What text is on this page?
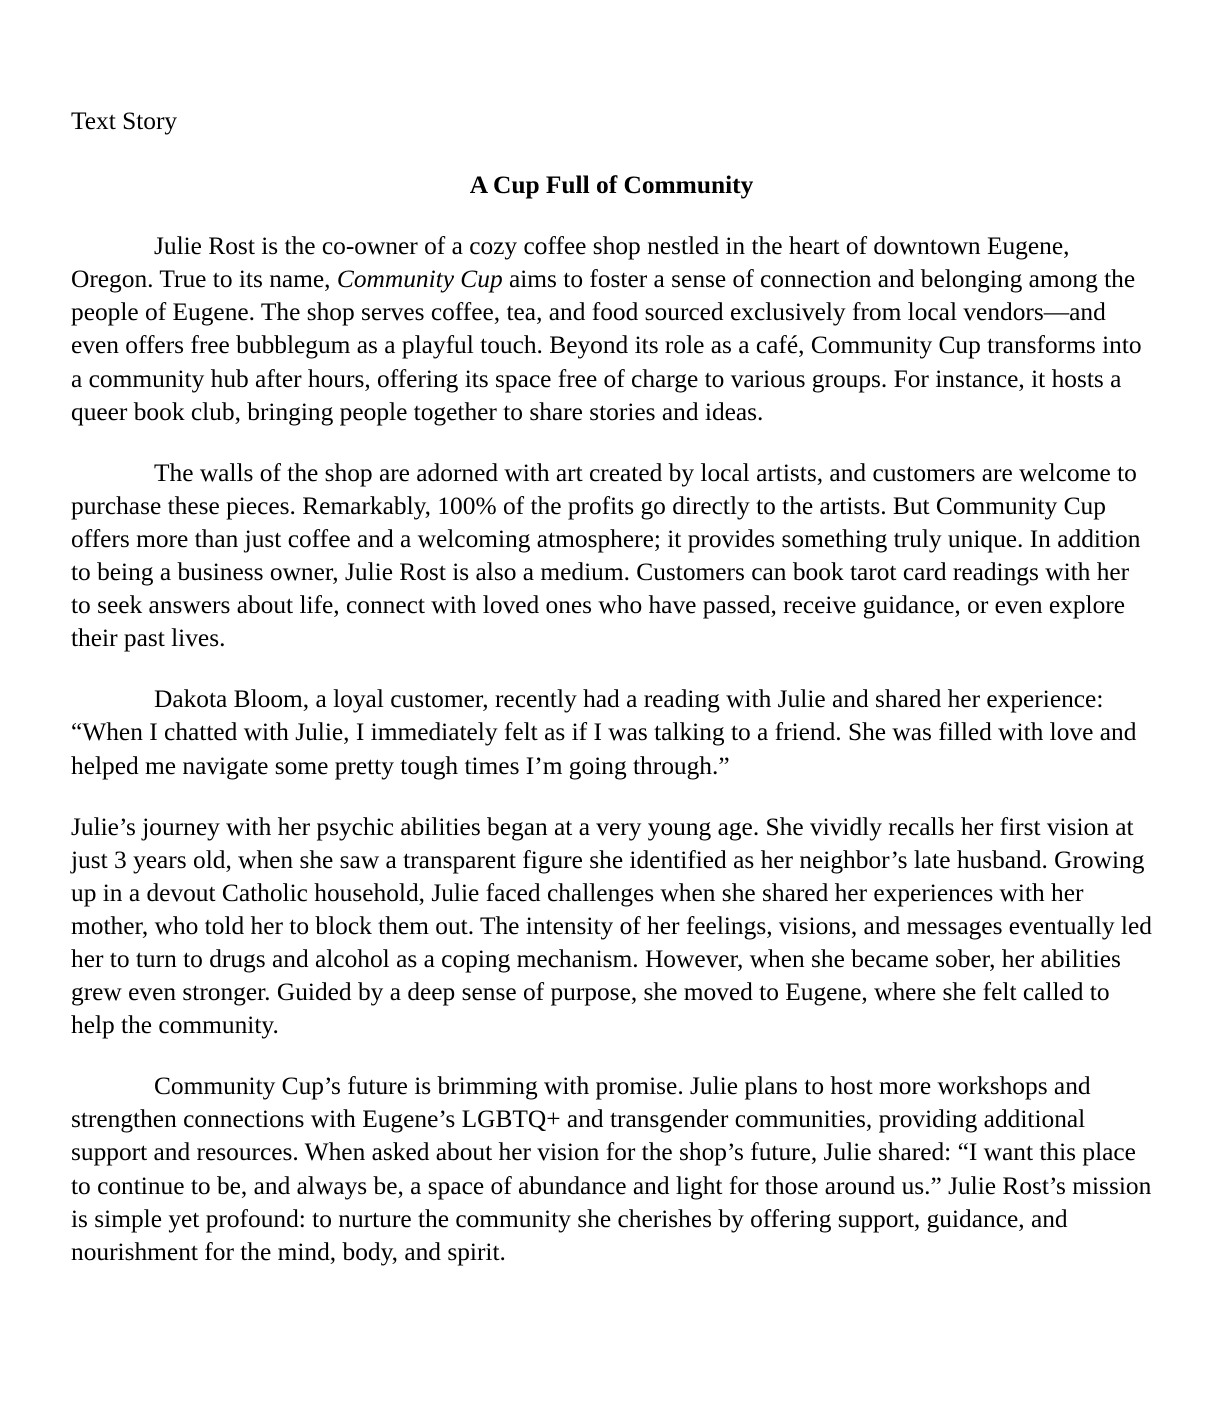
Text Story
A Cup Full of Community

Julie Rost is the co-owner of a cozy coffee shop nestled in the heart of downtown Eugene, Oregon. True to its name, Community Cup aims to foster a sense of connection and belonging among the people of Eugene. The shop serves coffee, tea, and food sourced exclusively from local vendors—and even offers free bubblegum as a playful touch. Beyond its role as a café, Community Cup transforms into a community hub after hours, offering its space free of charge to various groups. For instance, it hosts a queer book club, bringing people together to share stories and ideas.

The walls of the shop are adorned with art created by local artists, and customers are welcome to purchase these pieces. Remarkably, 100% of the profits go directly to the artists. But Community Cup offers more than just coffee and a welcoming atmosphere; it provides something truly unique. In addition to being a business owner, Julie Rost is also a medium. Customers can book tarot card readings with her to seek answers about life, connect with loved ones who have passed, receive guidance, or even explore their past lives.

Dakota Bloom, a loyal customer, recently had a reading with Julie and shared her experience: “When I chatted with Julie, I immediately felt as if I was talking to a friend. She was filled with love and helped me navigate some pretty tough times I’m going through.”

Julie’s journey with her psychic abilities began at a very young age. She vividly recalls her first vision at just 3 years old, when she saw a transparent figure she identified as her neighbor’s late husband. Growing up in a devout Catholic household, Julie faced challenges when she shared her experiences with her mother, who told her to block them out. The intensity of her feelings, visions, and messages eventually led her to turn to drugs and alcohol as a coping mechanism. However, when she became sober, her abilities grew even stronger. Guided by a deep sense of purpose, she moved to Eugene, where she felt called to help the community.

Community Cup’s future is brimming with promise. Julie plans to host more workshops and strengthen connections with Eugene’s LGBTQ+ and transgender communities, providing additional support and resources. When asked about her vision for the shop’s future, Julie shared: “I want this place to continue to be, and always be, a space of abundance and light for those around us.” Julie Rost’s mission is simple yet profound: to nurture the community she cherishes by offering support, guidance, and nourishment for the mind, body, and spirit.
